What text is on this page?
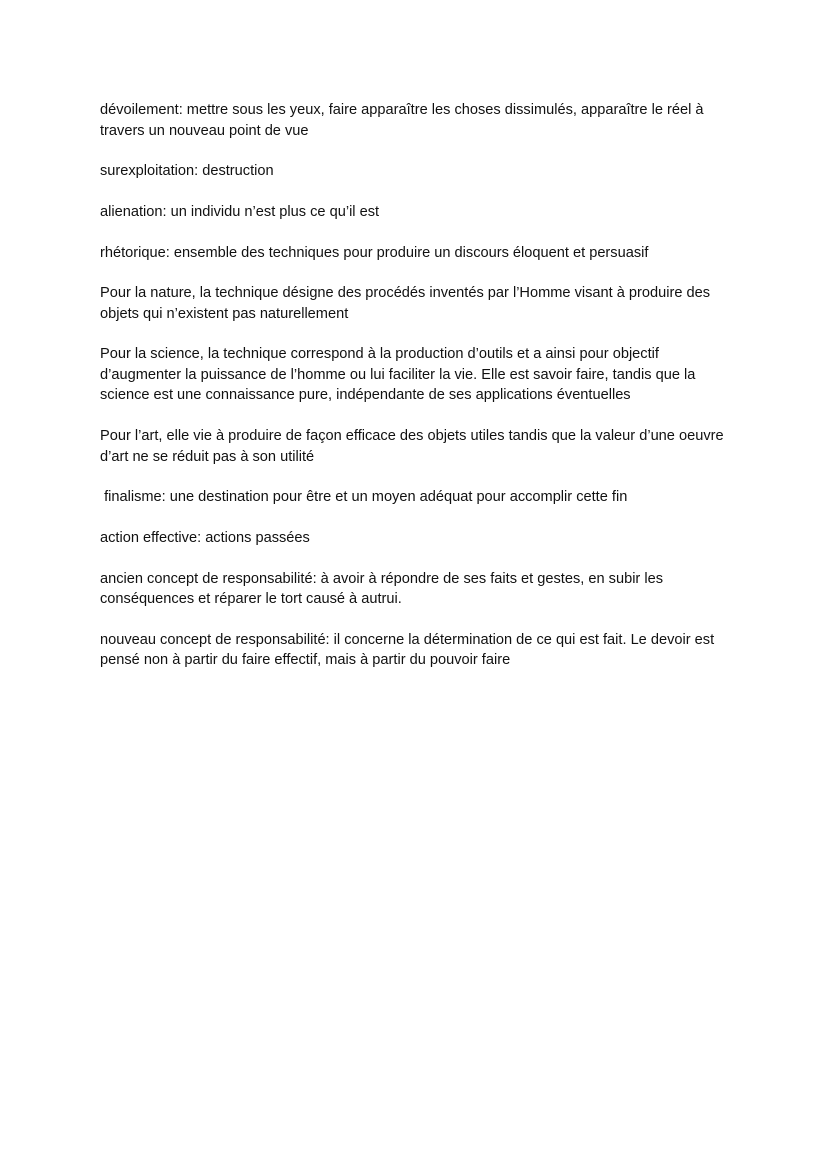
dévoilement: mettre sous les yeux, faire apparaître les choses dissimulés, apparaître le réel à travers un nouveau point de vue

surexploitation: destruction

alienation: un individu n’est plus ce qu’il est

rhétorique: ensemble des techniques pour produire un discours éloquent et persuasif

Pour la nature, la technique désigne des procédés inventés par l’Homme visant à produire des objets qui n’existent pas naturellement

Pour la science, la technique correspond à la production d’outils et a ainsi pour objectif d’augmenter la puissance de l’homme ou lui faciliter la vie. Elle est savoir faire, tandis que la science est une connaissance pure, indépendante de ses applications éventuelles

Pour l’art, elle vie à produire de façon efficace des objets utiles tandis que la valeur d’une oeuvre d’art ne se réduit pas à son utilité

finalisme: une destination pour être et un moyen adéquat pour accomplir cette fin

action effective: actions passées

ancien concept de responsabilité: à avoir à répondre de ses faits et gestes, en subir les conséquences et réparer le tort causé à autrui.

nouveau concept de responsabilité: il concerne la détermination de ce qui est fait. Le devoir est pensé non à partir du faire effectif, mais à partir du pouvoir faire
